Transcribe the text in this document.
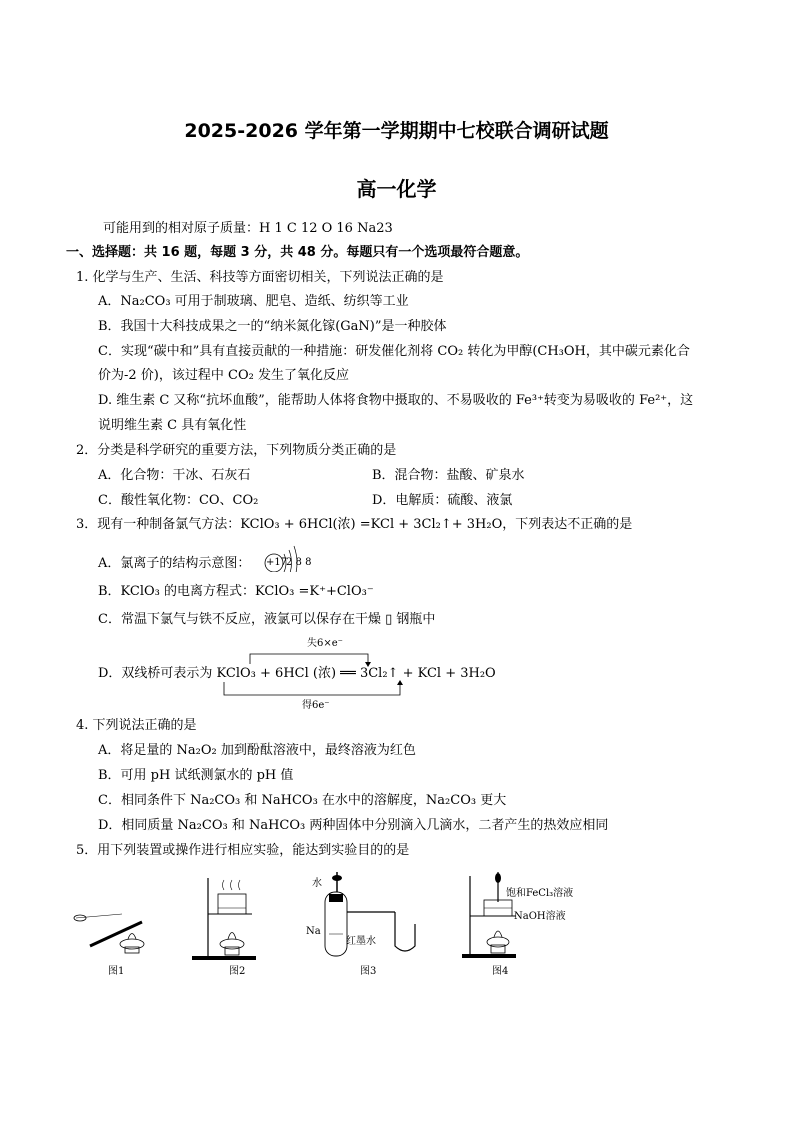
2025-2026 学年第一学期期中七校联合调研试题
高一化学
可能用到的相对原子质量：H 1 C 12 O 16 Na23
一、选择题：共 16 题，每题 3 分，共 48 分。每题只有一个选项最符合题意。
1. 化学与生产、生活、科技等方面密切相关，下列说法正确的是
A．Na₂CO₃ 可用于制玻璃、肥皂、造纸、纺织等工业
B．我国十大科技成果之一的“纳米氮化镓(GaN)”是一种胶体
C．实现“碳中和”具有直接贡献的一种措施：研发催化剂将 CO₂ 转化为甲醇(CH₃OH，其中碳元素化合
价为-2 价)，该过程中 CO₂ 发生了氧化反应
D. 维生素 C 又称“抗坏血酸”，能帮助人体将食物中摄取的、不易吸收的 Fe³⁺转变为易吸收的 Fe²⁺，这
说明维生素 C 具有氧化性
2．分类是科学研究的重要方法，下列物质分类正确的是
A．化合物：干冰、石灰石	B．混合物：盐酸、矿泉水
C．酸性氧化物：CO、CO₂	D．电解质：硫酸、液氯
3．现有一种制备氯气方法：KClO₃ + 6HCl(浓) =KCl + 3Cl₂↑+ 3H₂O，下列表达不正确的是
A．氯离子的结构示意图： +17
2 8 8
B．KClO₃ 的电离方程式：KClO₃ =K⁺+ClO₃⁻
C．常温下氯气与铁不反应，液氯可以保存在干燥 ▯ 钢瓶中
失6×e⁻
D．双线桥可表示为 KClO₃ + 6HCl (浓) ══ 3Cl₂↑ + KCl + 3H₂O
得6e⁻
4. 下列说法正确的是
A．将足量的 Na₂O₂ 加到酚酞溶液中，最终溶液为红色
B．可用 pH 试纸测氯水的 pH 值
C．相同条件下 Na₂CO₃ 和 NaHCO₃ 在水中的溶解度，Na₂CO₃ 更大
D．相同质量 Na₂CO₃ 和 NaHCO₃ 两种固体中分别滴入几滴水，二者产生的热效应相同
5．用下列装置或操作进行相应实验，能达到实验目的的是
图1	图2
水
Na
红墨水
图3
饱和FeCl₃溶液
NaOH溶液
图4
